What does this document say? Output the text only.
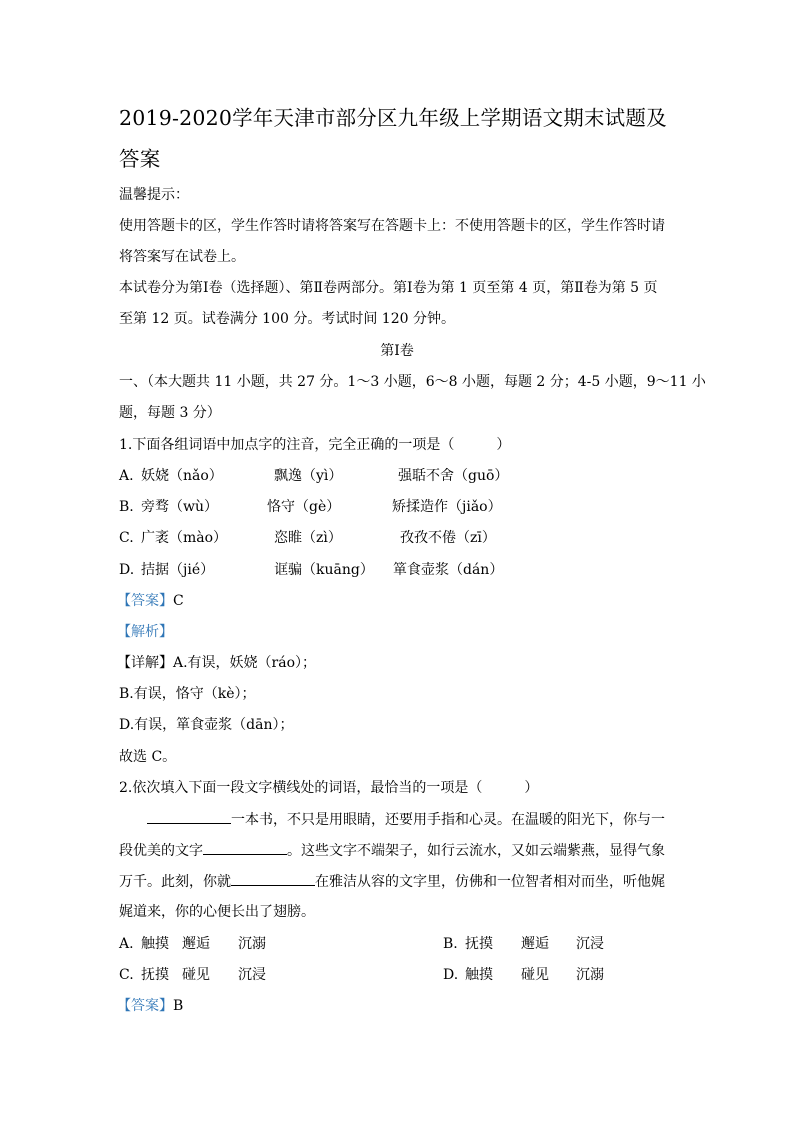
2019-2020学年天津市部分区九年级上学期语文期末试题及
答案
温馨提示：
使用答题卡的区，学生作答时请将答案写在答题卡上：不使用答题卡的区，学生作答时请
将答案写在试卷上。
本试卷分为第Ⅰ卷（选择题）、第Ⅱ卷两部分。第Ⅰ卷为第 1 页至第 4 页，第Ⅱ卷为第 5 页
至第 12 页。试卷满分 100 分。考试时间 120 分钟。
第Ⅰ卷
一、（本大题共 11 小题，共 27 分。1～3 小题，6～8 小题，每题 2 分；4-5 小题，9～11 小
题，每题 3 分）
1.下面各组词语中加点字的注音，完全正确的一项是（　　　）
A. 妖娆（nǎo）	飘逸（yì）	强聒不舍（guō）
B. 旁骛（wù）	恪守（gè）	矫揉造作（jiǎo）
C. 广袤（mào）	恣睢（zì）	孜孜不倦（zī）
D. 拮据（jié）	诓骗（kuāng） 箪食壶浆（dán）
【答案】C
【解析】
【详解】A.有误，妖娆（ráo）；
B.有误，恪守（kè）；
D.有误，箪食壶浆（dān）；
故选 C。
2.依次填入下面一段文字横线处的词语，最恰当的一项是（　　　）
一本书，不只是用眼睛，还要用手指和心灵。在温暖的阳光下，你与一
段优美的文字	。这些文字不端架子，如行云流水，又如云端紫燕，显得气象
万千。此刻，你就	在雅洁从容的文字里，仿佛和一位智者相对而坐，听他娓
娓道来，你的心便长出了翅膀。
A. 触摸 邂逅 沉溺	B. 抚摸 邂逅 沉浸
C. 抚摸 碰见 沉浸	D. 触摸 碰见 沉溺
【答案】B
